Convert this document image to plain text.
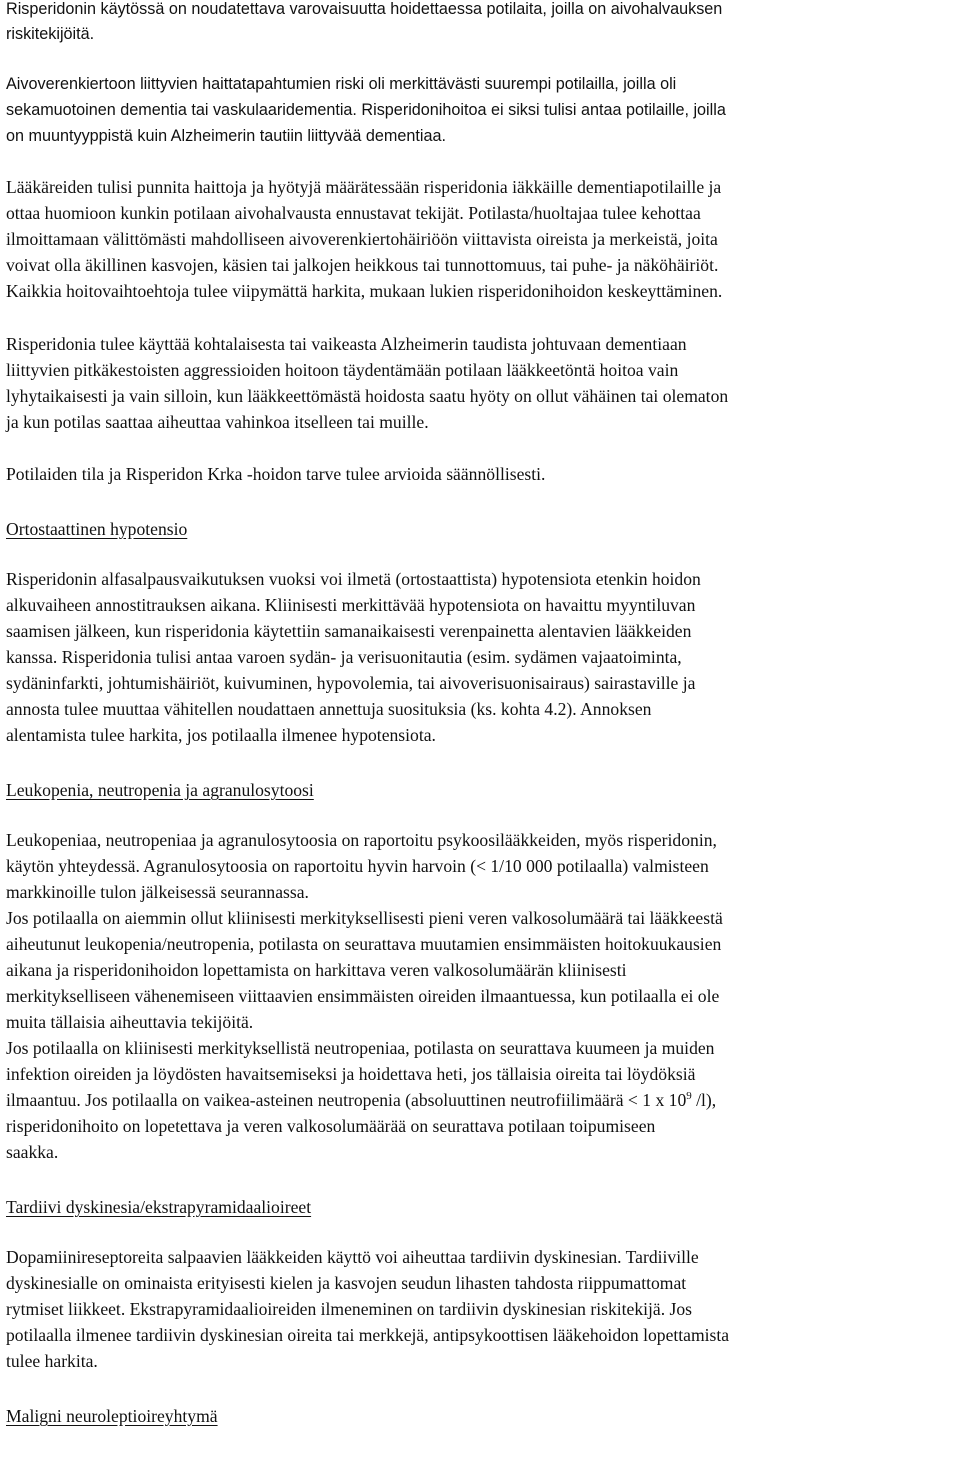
Risperidonin käytössä on noudatettava varovaisuutta hoidettaessa potilaita, joilla on aivohalvauksen
riskitekijöitä.
Aivoverenkiertoon liittyvien haittatapahtumien riski oli merkittävästi suurempi potilailla, joilla oli
sekamuotoinen dementia tai vaskulaaridementia. Risperidonihoitoa ei siksi tulisi antaa potilaille, joilla
on muuntyyppistä kuin Alzheimerin tautiin liittyvää dementiaa.
Lääkäreiden tulisi punnita haittoja ja hyötyjä määrätessään risperidonia iäkkäille dementiapotilaille ja
ottaa huomioon kunkin potilaan aivohalvausta ennustavat tekijät. Potilasta/huoltajaa tulee kehottaa
ilmoittamaan välittömästi mahdolliseen aivoverenkiertohäiriöön viittavista oireista ja merkeistä, joita
voivat olla äkillinen kasvojen, käsien tai jalkojen heikkous tai tunnottomuus, tai puhe- ja näköhäiriöt.
Kaikkia hoitovaihtoehtoja tulee viipymättä harkita, mukaan lukien risperidonihoidon keskeyttäminen.
Risperidonia tulee käyttää kohtalaisesta tai vaikeasta Alzheimerin taudista johtuvaan dementiaan
liittyvien pitkäkestoisten aggressioiden hoitoon täydentämään potilaan lääkkeetöntä hoitoa vain
lyhytaikaisesti ja vain silloin, kun lääkkeettömästä hoidosta saatu hyöty on ollut vähäinen tai olematon
ja kun potilas saattaa aiheuttaa vahinkoa itselleen tai muille.
Potilaiden tila ja Risperidon Krka -hoidon tarve tulee arvioida säännöllisesti.
Ortostaattinen hypotensio
Risperidonin alfasalpausvaikutuksen vuoksi voi ilmetä (ortostaattista) hypotensiota etenkin hoidon
alkuvaiheen annostitrauksen aikana. Kliinisesti merkittävää hypotensiota on havaittu myyntiluvan
saamisen jälkeen, kun risperidonia käytettiin samanaikaisesti verenpainetta alentavien lääkkeiden
kanssa. Risperidonia tulisi antaa varoen sydän- ja verisuonitautia (esim. sydämen vajaatoiminta,
sydäninfarkti, johtumishäiriöt, kuivuminen, hypovolemia, tai aivoverisuonisairaus) sairastaville ja
annosta tulee muuttaa vähitellen noudattaen annettuja suosituksia (ks. kohta 4.2). Annoksen
alentamista tulee harkita, jos potilaalla ilmenee hypotensiota.
Leukopenia, neutropenia ja agranulosytoosi
Leukopeniaa, neutropeniaa ja agranulosytoosia on raportoitu psykoosilääkkeiden, myös risperidonin,
käytön yhteydessä. Agranulosytoosia on raportoitu hyvin harvoin (< 1/10 000 potilaalla) valmisteen
markkinoille tulon jälkeisessä seurannassa.
Jos potilaalla on aiemmin ollut kliinisesti merkityksellisesti pieni veren valkosolumäärä tai lääkkeestä
aiheutunut leukopenia/neutropenia, potilasta on seurattava muutamien ensimmäisten hoitokuukausien
aikana ja risperidonihoidon lopettamista on harkittava veren valkosolumäärän kliinisesti
merkitykselliseen vähenemiseen viittaavien ensimmäisten oireiden ilmaantuessa, kun potilaalla ei ole
muita tällaisia aiheuttavia tekijöitä.
Jos potilaalla on kliinisesti merkityksellistä neutropeniaa, potilasta on seurattava kuumeen ja muiden
infektion oireiden ja löydösten havaitsemiseksi ja hoidettava heti, jos tällaisia oireita tai löydöksiä
ilmaantuu. Jos potilaalla on vaikea-asteinen neutropenia (absoluuttinen neutrofiilimäärä < 1 x $10^9$ /l),
risperidonihoito on lopetettava ja veren valkosolumäärää on seurattava potilaan toipumiseen
saakka.
Tardiivi dyskinesia/ekstrapyramidaalioireet
Dopamiinireseptoreita salpaavien lääkkeiden käyttö voi aiheuttaa tardiivin dyskinesian. Tardiiville
dyskinesialle on ominaista erityisesti kielen ja kasvojen seudun lihasten tahdosta riippumattomat
rytmiset liikkeet. Ekstrapyramidaalioireiden ilmeneminen on tardiivin dyskinesian riskitekijä. Jos
potilaalla ilmenee tardiivin dyskinesian oireita tai merkkejä, antipsykoottisen lääkehoidon lopettamista
tulee harkita.
Maligni neuroleptioireyhtymä
